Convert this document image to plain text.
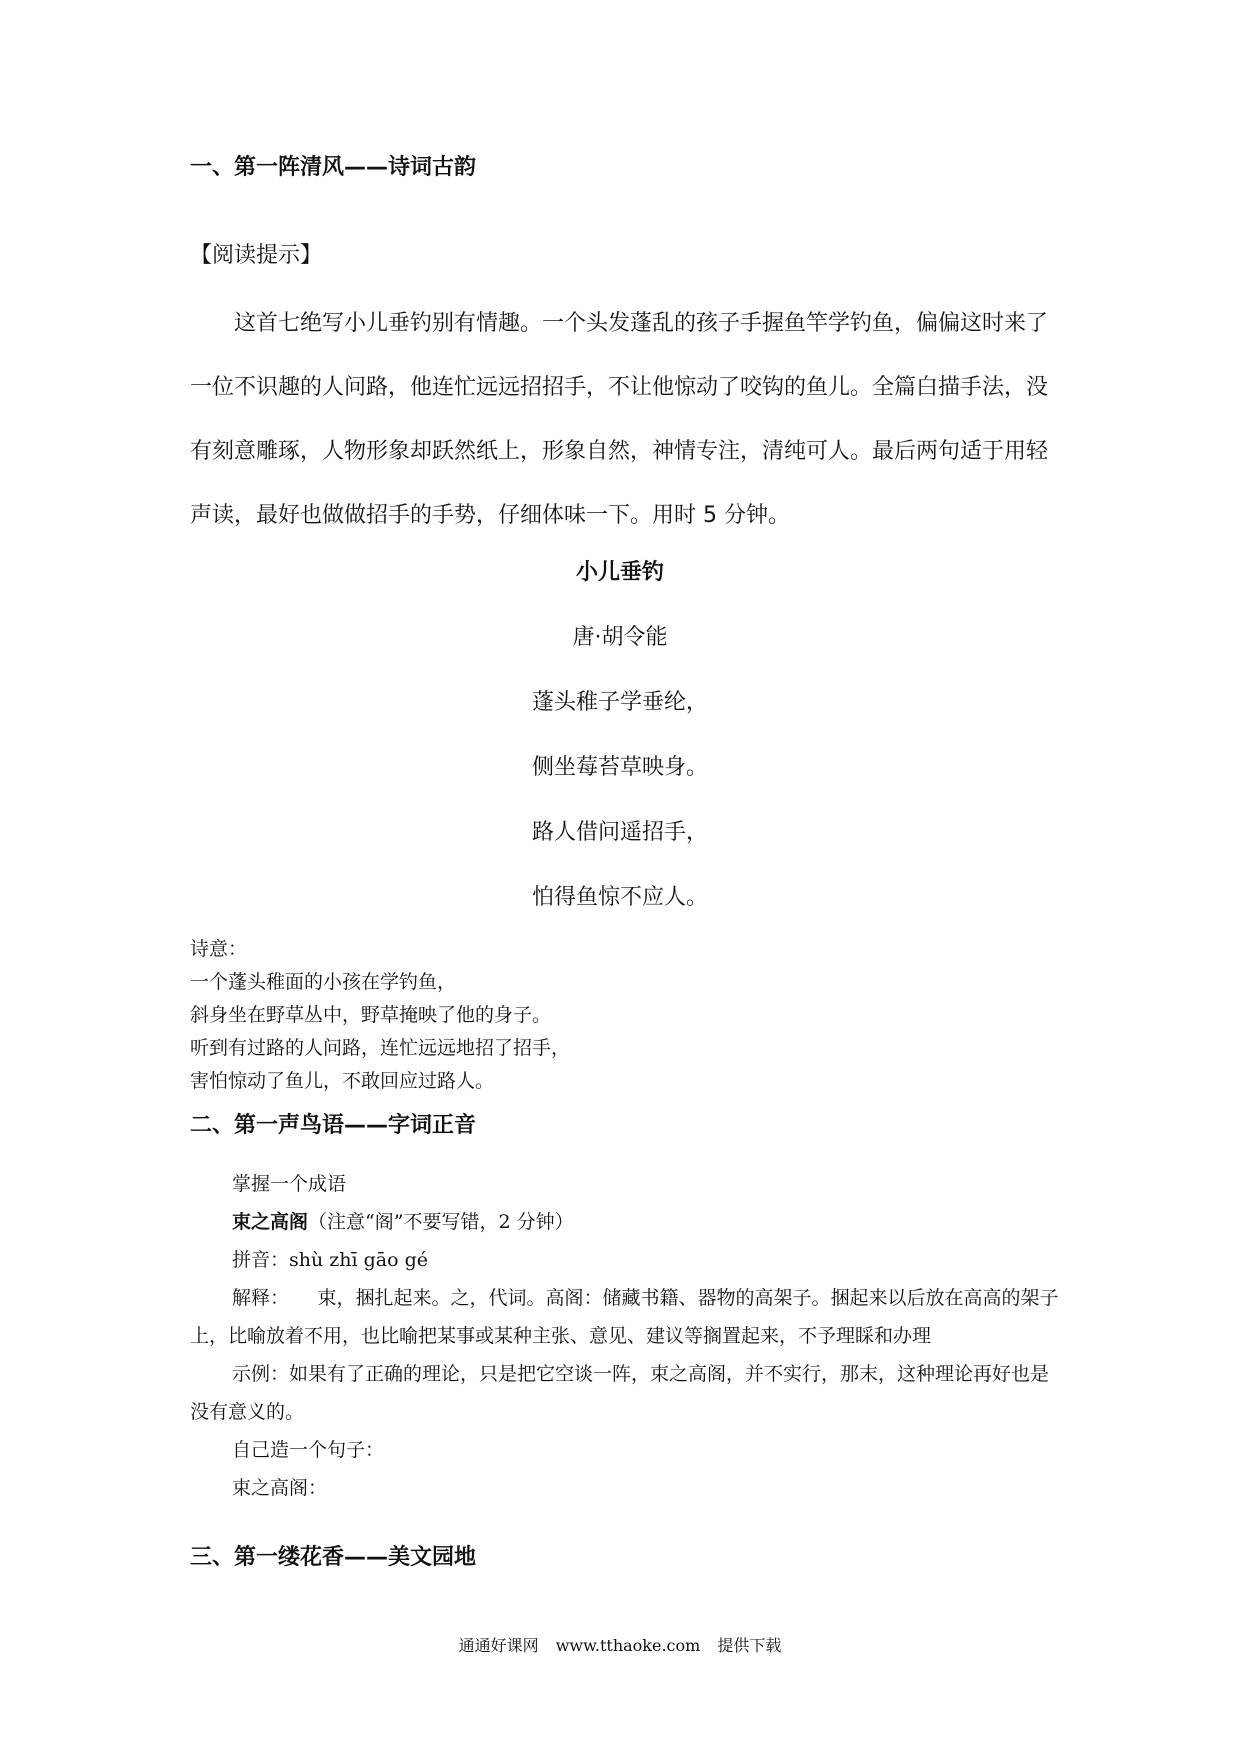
一、第一阵清风——诗词古韵
【阅读提示】

这首七绝写小儿垂钓别有情趣。一个头发蓬乱的孩子手握鱼竿学钓鱼，偏偏这时来了一位不识趣的人问路，他连忙远远招招手，不让他惊动了咬钩的鱼儿。全篇白描手法，没有刻意雕琢，人物形象却跃然纸上，形象自然，神情专注，清纯可人。最后两句适于用轻声读，最好也做做招手的手势，仔细体味一下。用时 5 分钟。

小儿垂钓
唐·胡令能
蓬头稚子学垂纶，
侧坐莓苔草映身。
路人借问遥招手，
怕得鱼惊不应人。
诗意：
一个蓬头稚面的小孩在学钓鱼，
斜身坐在野草丛中，野草掩映了他的身子。
听到有过路的人问路，连忙远远地招了招手，
害怕惊动了鱼儿，不敢回应过路人。
二、第一声鸟语——字词正音
掌握一个成语
束之高阁（注意“阁”不要写错，2 分钟）
拼音：shù zhī gāo gé
解释：　　束，捆扎起来。之，代词。高阁：储藏书籍、器物的高架子。捆起来以后放在高高的架子上，比喻放着不用，也比喻把某事或某种主张、意见、建议等搁置起来，不予理睬和办理
示例：如果有了正确的理论，只是把它空谈一阵，束之高阁，并不实行，那末，这种理论再好也是没有意义的。
自己造一个句子：
束之高阁：
三、第一缕花香——美文园地
通通好课网 www.tthaoke.com 提供下载
